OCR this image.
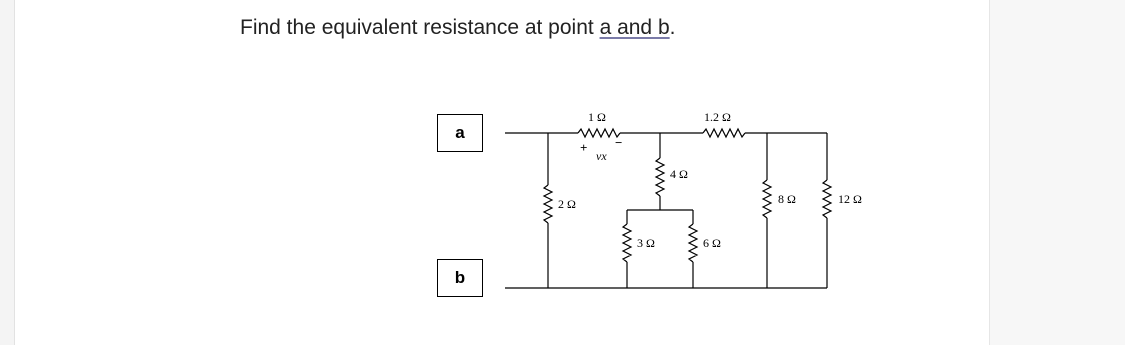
Find the equivalent resistance at point a and b.
1 Ω	1.2 Ω
4 Ω
2 Ω	8 Ω	12 Ω
3 Ω	6 Ω
+
vx
−
a
b
